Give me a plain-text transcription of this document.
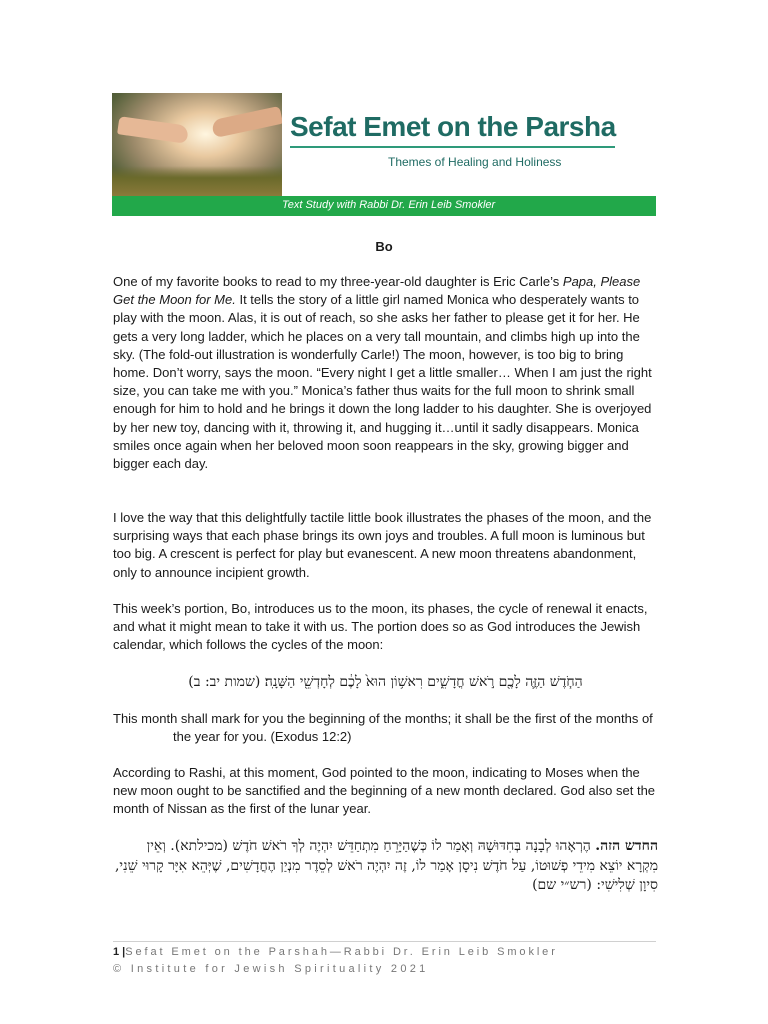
Sefat Emet on the Parsha
Themes of Healing and Holiness
Text Study with Rabbi Dr. Erin Leib Smokler
Bo

One of my favorite books to read to my three-year-old daughter is Eric Carle’s Papa, Please Get the Moon for Me. It tells the story of a little girl named Monica who desperately wants to play with the moon. Alas, it is out of reach, so she asks her father to please get it for her. He gets a very long ladder, which he places on a very tall mountain, and climbs high up into the sky. (The fold-out illustration is wonderfully Carle!) The moon, however, is too big to bring home. Don’t worry, says the moon. “Every night I get a little smaller… When I am just the right size, you can take me with you.” Monica’s father thus waits for the full moon to shrink small enough for him to hold and he brings it down the long ladder to his daughter. She is overjoyed by her new toy, dancing with it, throwing it, and hugging it…until it sadly disappears. Monica smiles once again when her beloved moon soon reappears in the sky, growing bigger and bigger each day.

I love the way that this delightfully tactile little book illustrates the phases of the moon, and the surprising ways that each phase brings its own joys and troubles. A full moon is luminous but too big. A crescent is perfect for play but evanescent. A new moon threatens abandonment, only to announce incipient growth.

This week’s portion, Bo, introduces us to the moon, its phases, the cycle of renewal it enacts, and what it might mean to take it with us. The portion does so as God introduces the Jewish calendar, which follows the cycles of the moon:

הַחֹ֧דֶשׁ הַזֶּ֛ה לָכֶ֖ם רֹ֣אשׁ חֳדָשִׁ֑ים רִאשׁ֥וֹן הוּא֙ לָכֶ֔ם לְחָדְשֵׁ֖י הַשָּׁנָֽה׃ (שמות יב: ב)

This month shall mark for you the beginning of the months; it shall be the first of the months of the year for you. (Exodus 12:2)

According to Rashi, at this moment, God pointed to the moon, indicating to Moses when the new moon ought to be sanctified and the beginning of a new month declared. God also set the month of Nissan as the first of the lunar year.

החדש הזה. הֶרְאָהוּ לְבָנָה בְּחִדּוּשָׁהּ וְאָמַר לוֹ כְּשֶׁהַיָּרֵחַ מִתְחַדֵּשׁ יִהְיֶה לְךָ רֹאשׁ חֹדֶשׁ (מכילתא). וְאֵין מִקְרָא יוֹצֵא מִידֵי פְשׁוּטוֹ, עַל חֹדֶשׁ נִיסָן אָמַר לוֹ, זֶה יִהְיֶה רֹאשׁ לְסֵדֶר מִנְיַן הֶחֳדָשִׁים, שֶׁיְּהֵא אִיָּר קָרוּי שֵׁנִי, סִיוָן שְׁלִישִׁי: (רש״י שם)

1 |Sefat Emet on the Parshah—Rabbi Dr. Erin Leib Smokler
© Institute for Jewish Spirituality 2021
